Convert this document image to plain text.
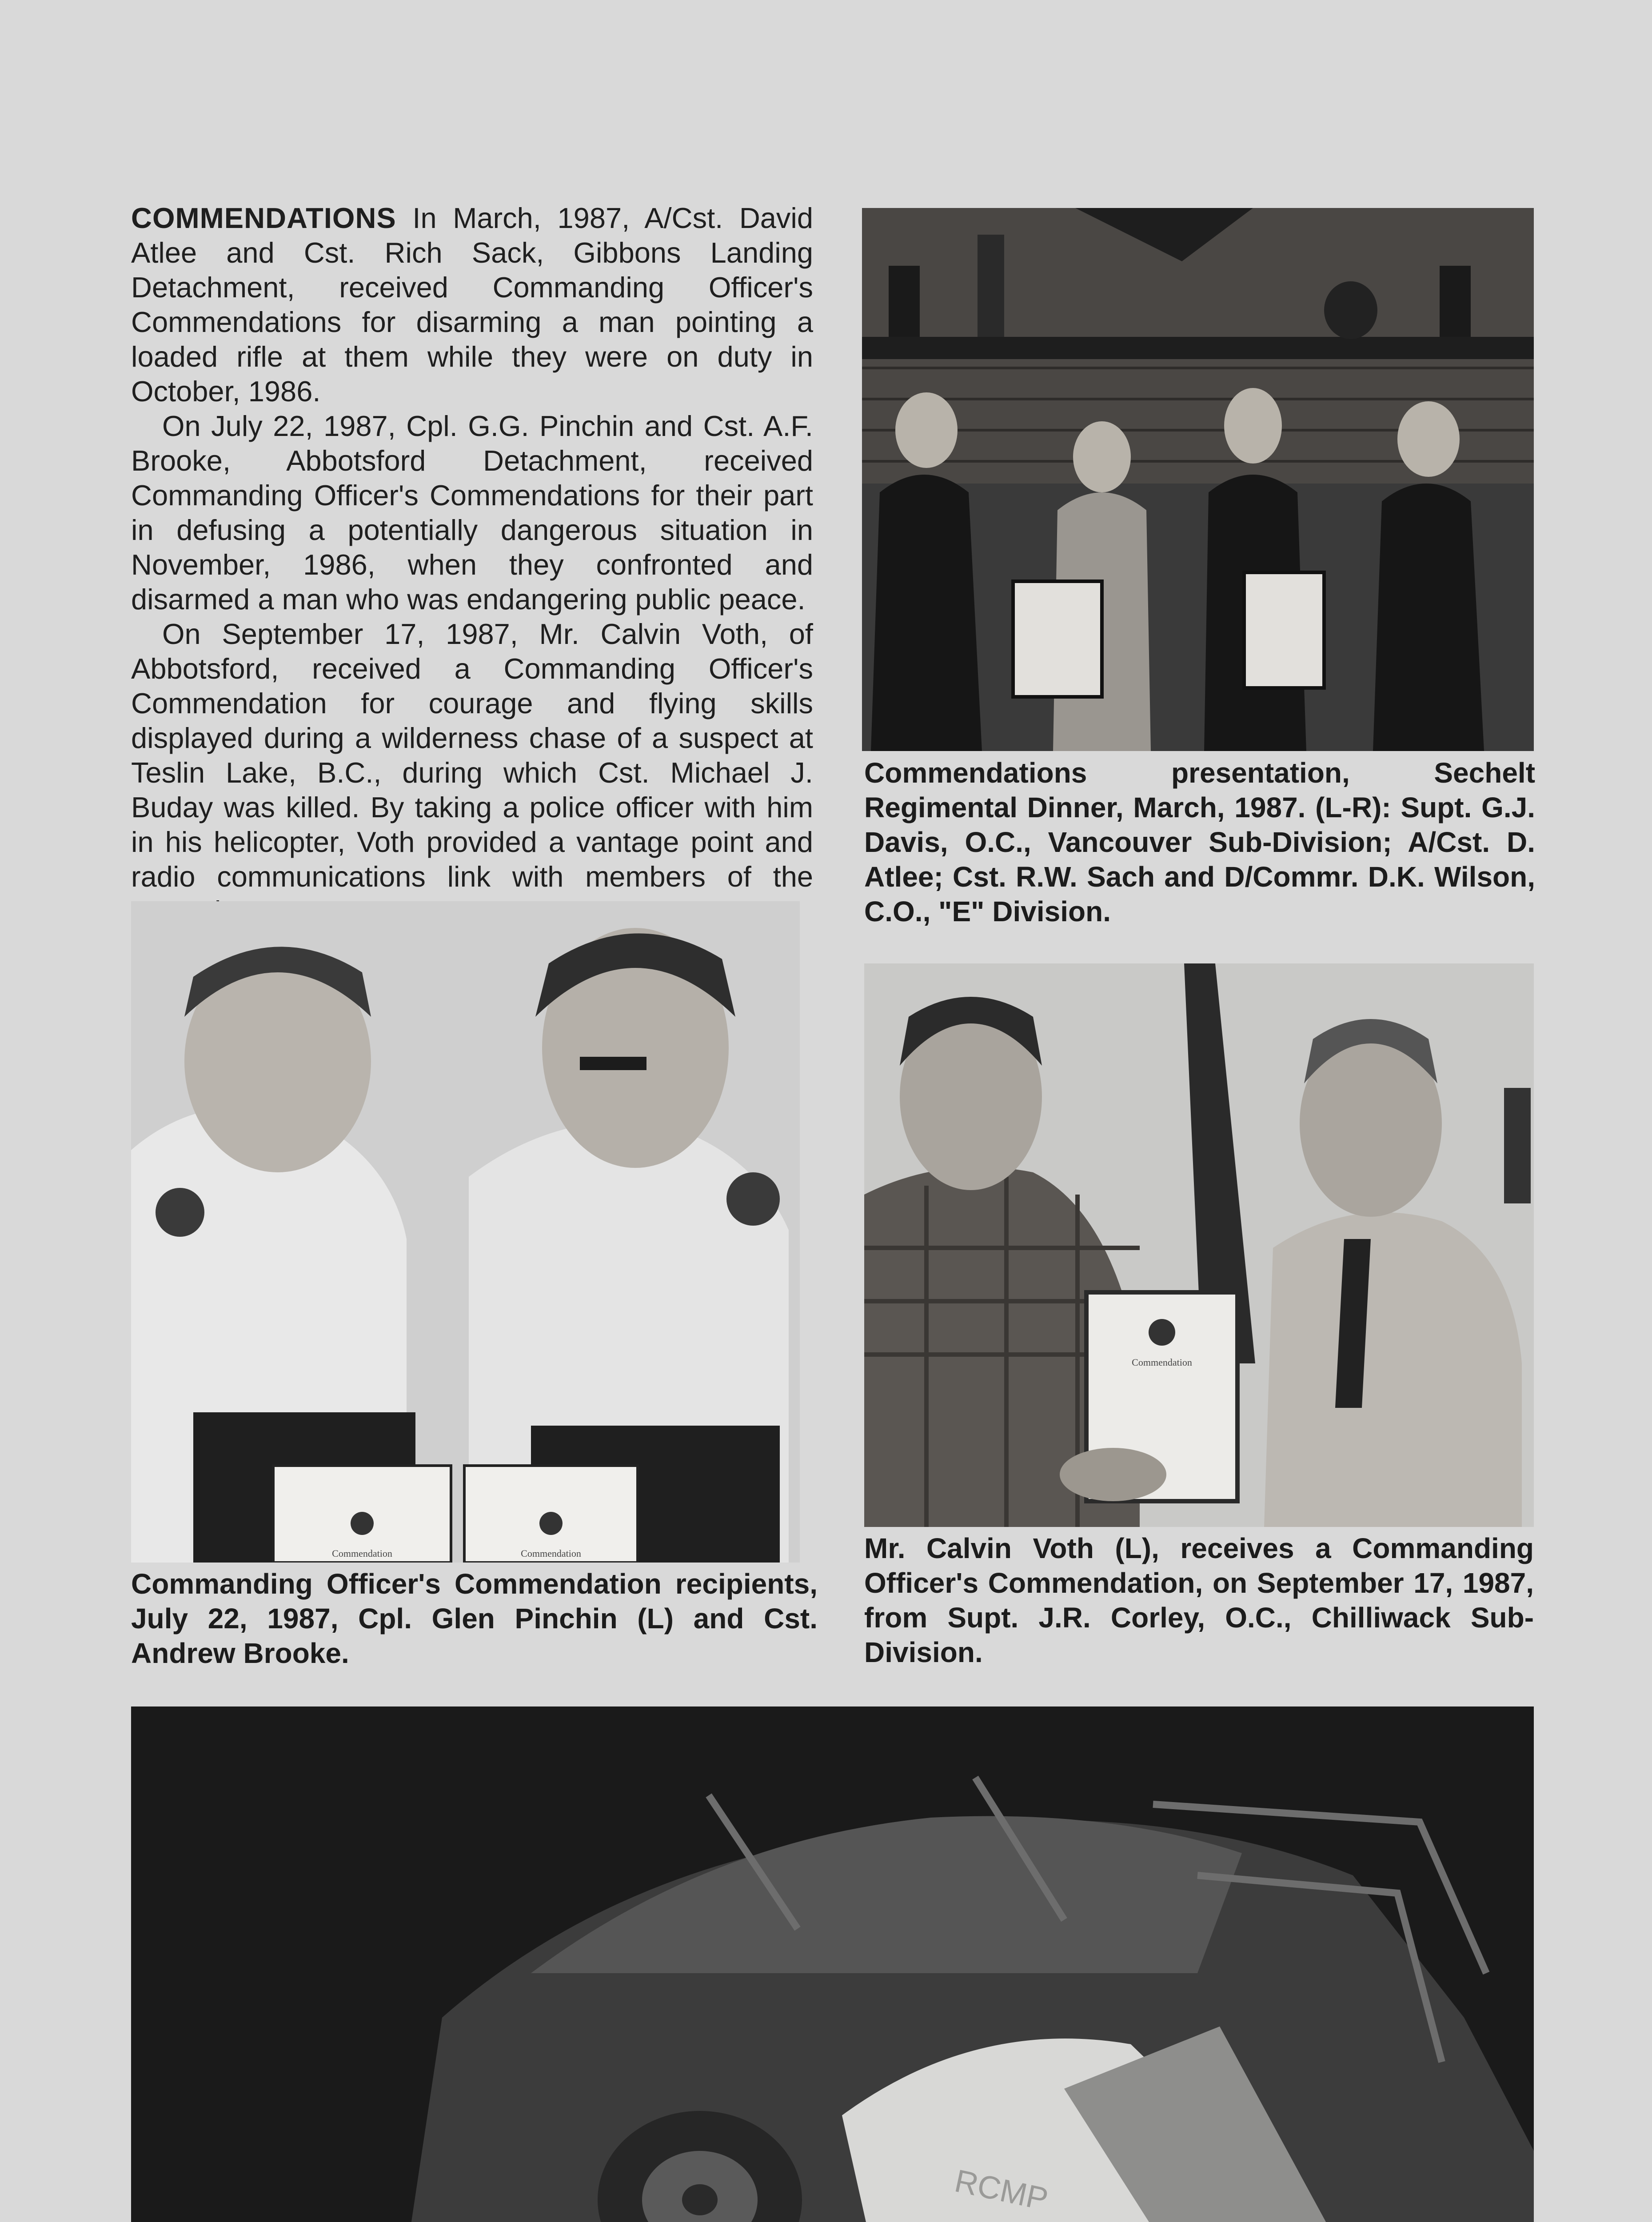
COMMENDATIONS In March, 1987, A/Cst. David Atlee and Cst. Rich Sack, Gibbons Landing Detachment, received Commanding Officer's Commendations for disarming a man pointing a loaded rifle at them while they were on duty in October, 1986.

On July 22, 1987, Cpl. G.G. Pinchin and Cst. A.F. Brooke, Abbotsford Detachment, received Commanding Officer's Commendations for their part in defusing a potentially dangerous situation in November, 1986, when they confronted and disarmed a man who was endangering public peace.

On September 17, 1987, Mr. Calvin Voth, of Abbotsford, received a Commanding Officer's Commendation for courage and flying skills displayed during a wilderness chase of a suspect at Teslin Lake, B.C., during which Cst. Michael J. Buday was killed. By taking a police officer with him in his helicopter, Voth provided a vantage point and radio communications link with members of the

Commendations presentation, Sechelt Regimental Dinner, March, 1987. (L-R): Supt. G.J. Davis, O.C., Vancouver Sub-Division; A/Cst. D. Atlee; Cst. R.W. Sach and D/Commr. D.K. Wilson, C.O., "E" Division.
Commendation	Commendation
Commanding Officer's Commendation recipients, July 22, 1987, Cpl. Glen Pinchin (L) and Cst. Andrew Brooke.
Commendation
Mr. Calvin Voth (L), receives a Commanding Officer's Commendation, on September 17, 1987, from Supt. J.R. Corley, O.C., Chilliwack Sub-Division.
RCMP
